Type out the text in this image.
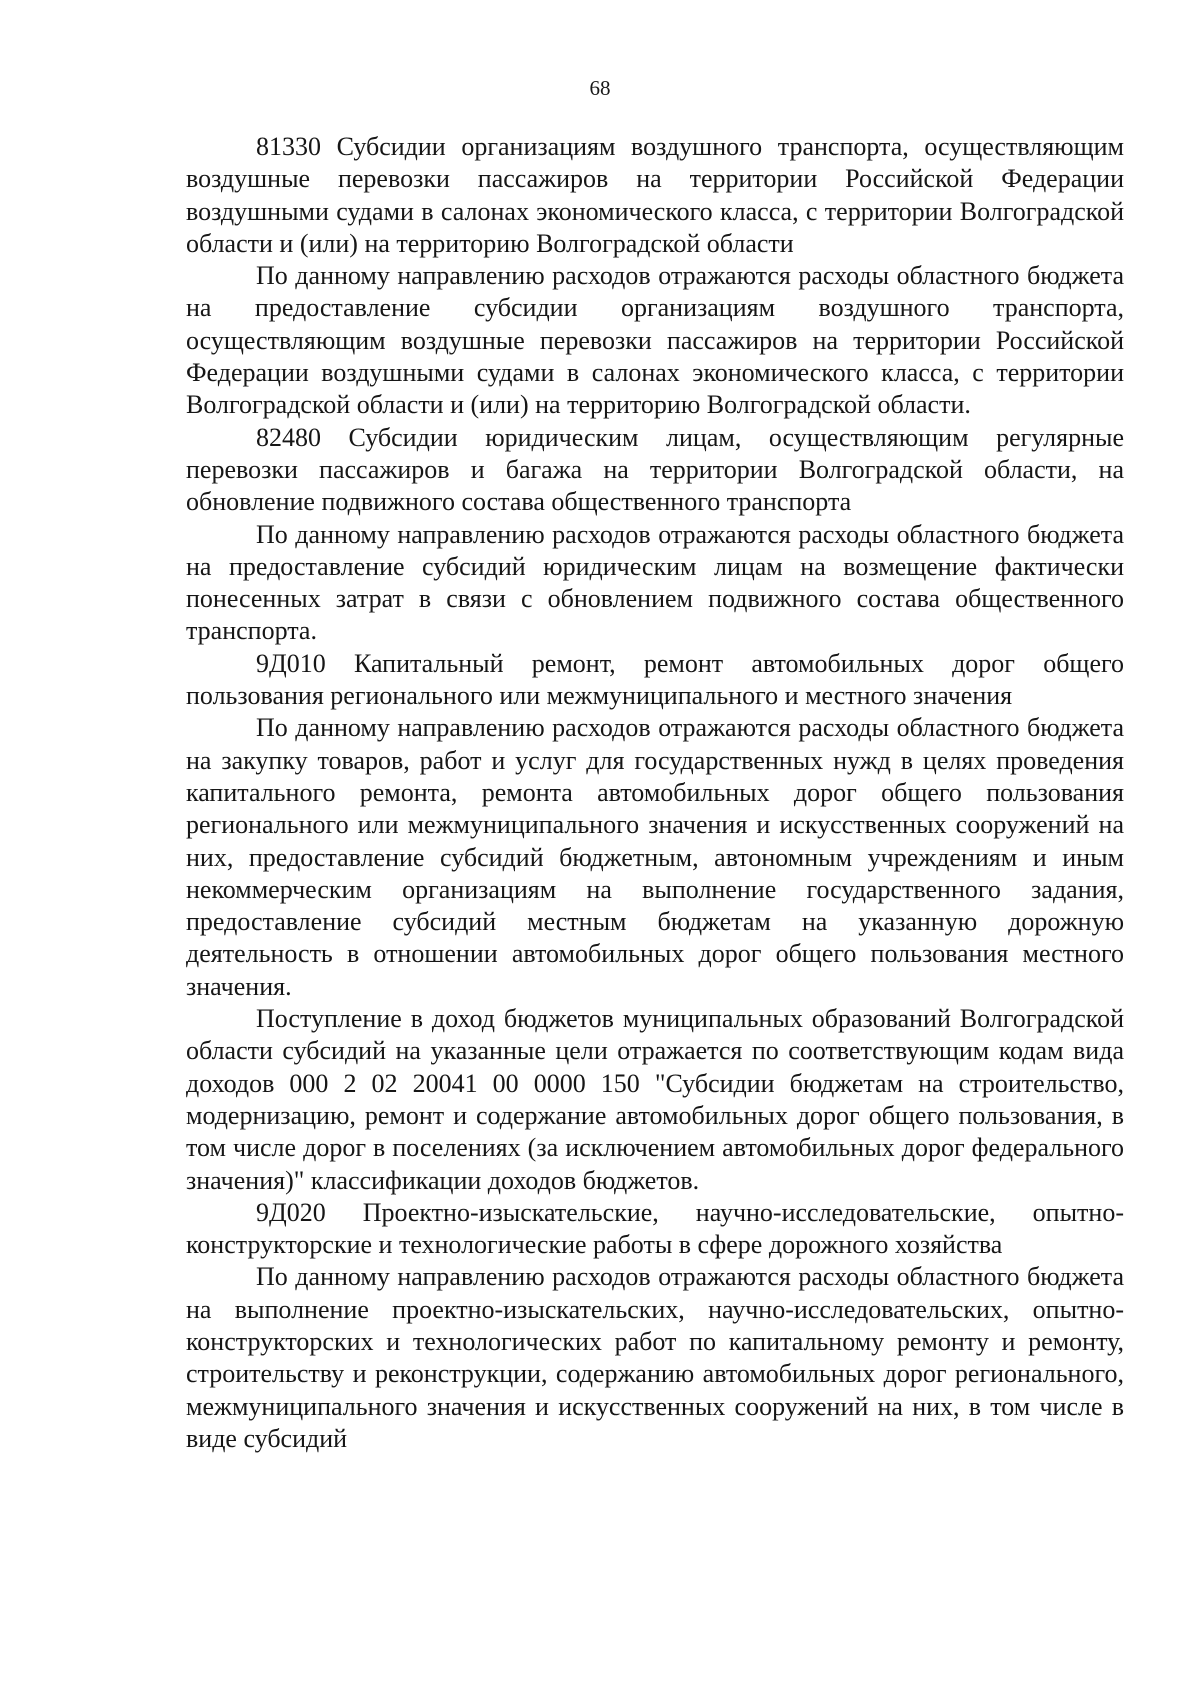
68

81330 Субсидии организациям воздушного транспорта, осуществляющим воздушные перевозки пассажиров на территории Российской Федерации воздушными судами в салонах экономического класса, с территории Волгоградской области и (или) на территорию Волгоградской области

По данному направлению расходов отражаются расходы областного бюджета на предоставление субсидии организациям воздушного транспорта, осуществляющим воздушные перевозки пассажиров на территории Российской Федерации воздушными судами в салонах экономического класса, с территории Волгоградской области и (или) на территорию Волгоградской области.

82480 Субсидии юридическим лицам, осуществляющим регулярные перевозки пассажиров и багажа на территории Волгоградской области, на обновление подвижного состава общественного транспорта

По данному направлению расходов отражаются расходы областного бюджета на предоставление субсидий юридическим лицам на возмещение фактически понесенных затрат в связи с обновлением подвижного состава общественного транспорта.

9Д010 Капитальный ремонт, ремонт автомобильных дорог общего пользования регионального или межмуниципального и местного значения

По данному направлению расходов отражаются расходы областного бюджета на закупку товаров, работ и услуг для государственных нужд в целях проведения капитального ремонта, ремонта автомобильных дорог общего пользования регионального или межмуниципального значения и искусственных сооружений на них, предоставление субсидий бюджетным, автономным учреждениям и иным некоммерческим организациям на выполнение государственного задания, предоставление субсидий местным бюджетам на указанную дорожную деятельность в отношении автомобильных дорог общего пользования местного значения.

Поступление в доход бюджетов муниципальных образований Волгоградской области субсидий на указанные цели отражается по соответствующим кодам вида доходов 000 2 02 20041 00 0000 150 "Субсидии бюджетам на строительство, модернизацию, ремонт и содержание автомобильных дорог общего пользования, в том числе дорог в поселениях (за исключением автомобильных дорог федерального значения)" классификации доходов бюджетов.

9Д020 Проектно-изыскательские, научно-исследовательские, опытно-конструкторские и технологические работы в сфере дорожного хозяйства

По данному направлению расходов отражаются расходы областного бюджета на выполнение проектно-изыскательских, научно-исследовательских, опытно-конструкторских и технологических работ по капитальному ремонту и ремонту, строительству и реконструкции, содержанию автомобильных дорог регионального, межмуниципального значения и искусственных сооружений на них, в том числе в виде субсидий
